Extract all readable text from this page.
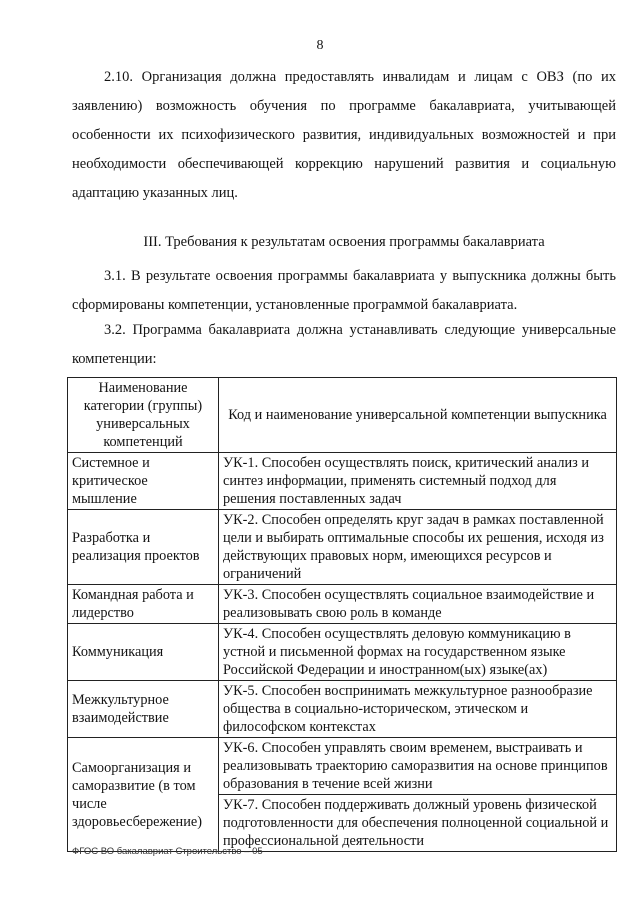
8

2.10. Организация должна предоставлять инвалидам и лицам с ОВЗ (по их заявлению) возможность обучения по программе бакалавриата, учитывающей особенности их психофизического развития, индивидуальных возможностей и при необходимости обеспечивающей коррекцию нарушений развития и социальную адаптацию указанных лиц.

III. Требования к результатам освоения программы бакалавриата

3.1. В результате освоения программы бакалавриата у выпускника должны быть сформированы компетенции, установленные программой бакалавриата.

3.2. Программа бакалавриата должна устанавливать следующие универсальные компетенции:

Наименование категории (группы) универсальных компетенций	Код и наименование универсальной компетенции выпускника
Системное и критическое мышление	УК-1. Способен осуществлять поиск, критический анализ и синтез информации, применять системный подход для решения поставленных задач
Разработка и реализация проектов	УК-2. Способен определять круг задач в рамках поставленной цели и выбирать оптимальные способы их решения, исходя из действующих правовых норм, имеющихся ресурсов и ограничений
Командная работа и лидерство	УК-3. Способен осуществлять социальное взаимодействие и реализовывать свою роль в команде
Коммуникация	УК-4. Способен осуществлять деловую коммуникацию в устной и письменной формах на государственном языке Российской Федерации и иностранном(ых) языке(ах)
Межкультурное взаимодействие	УК-5. Способен воспринимать межкультурное разнообразие общества в социально-историческом, этическом и философском контекстах
Самоорганизация и саморазвитие (в том числе здоровьесбережение)	УК-6. Способен управлять своим временем, выстраивать и реализовывать траекторию саморазвития на основе принципов образования в течение всей жизни
	УК-7. Способен поддерживать должный уровень физической подготовленности для обеспечения полноценной социальной и профессиональной деятельности
ФГОС ВО бакалавриат Строительство – 05
